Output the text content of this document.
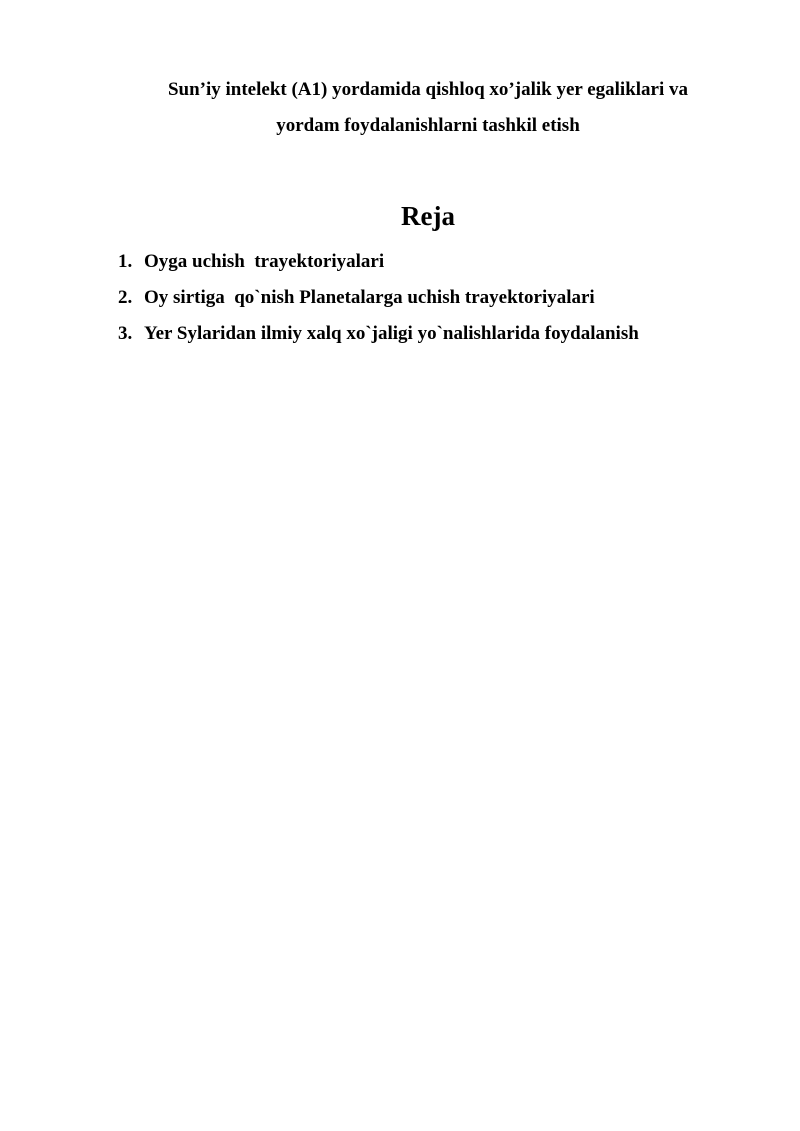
Sun’iy intelekt (A1) yordamida qishloq xo’jalik yer egaliklari va
yordam foydalanishlarni tashkil etish
Reja
1. Oyga uchish  trayektoriyalari
2. Oy sirtiga  qo`nish Planetalarga uchish trayektoriyalari
3. Yer Sylaridan ilmiy xalq xo`jaligi yo`nalishlarida foydalanish
